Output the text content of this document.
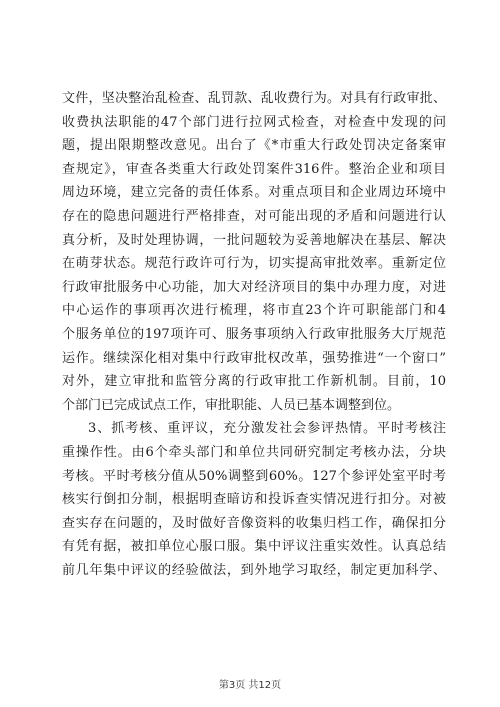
文件，坚决整治乱检查、乱罚款、乱收费行为。对具有行政审批、
收费执法职能的47个部门进行拉网式检查，对检查中发现的问
题，提出限期整改意见。出台了《*市重大行政处罚决定备案审
查规定》，审查各类重大行政处罚案件316件。整治企业和项目
周边环境，建立完备的责任体系。对重点项目和企业周边环境中
存在的隐患问题进行严格排查，对可能出现的矛盾和问题进行认
真分析，及时处理协调，一批问题较为妥善地解决在基层、解决
在萌芽状态。规范行政许可行为，切实提高审批效率。重新定位
行政审批服务中心功能，加大对经济项目的集中办理力度，对进
中心运作的事项再次进行梳理，将市直23个许可职能部门和4
个服务单位的197项许可、服务事项纳入行政审批服务大厅规范
运作。继续深化相对集中行政审批权改革，强势推进“一个窗口”
对外，建立审批和监管分离的行政审批工作新机制。目前，10
个部门已完成试点工作，审批职能、人员已基本调整到位。
3、抓考核、重评议，充分激发社会参评热情。平时考核注
重操作性。由6个牵头部门和单位共同研究制定考核办法，分块
考核。平时考核分值从50%调整到60%。127个参评处室平时考
核实行倒扣分制，根据明查暗访和投诉查实情况进行扣分。对被
查实存在问题的，及时做好音像资料的收集归档工作，确保扣分
有凭有据，被扣单位心服口服。集中评议注重实效性。认真总结
前几年集中评议的经验做法，到外地学习取经，制定更加科学、
第3页 共12页
